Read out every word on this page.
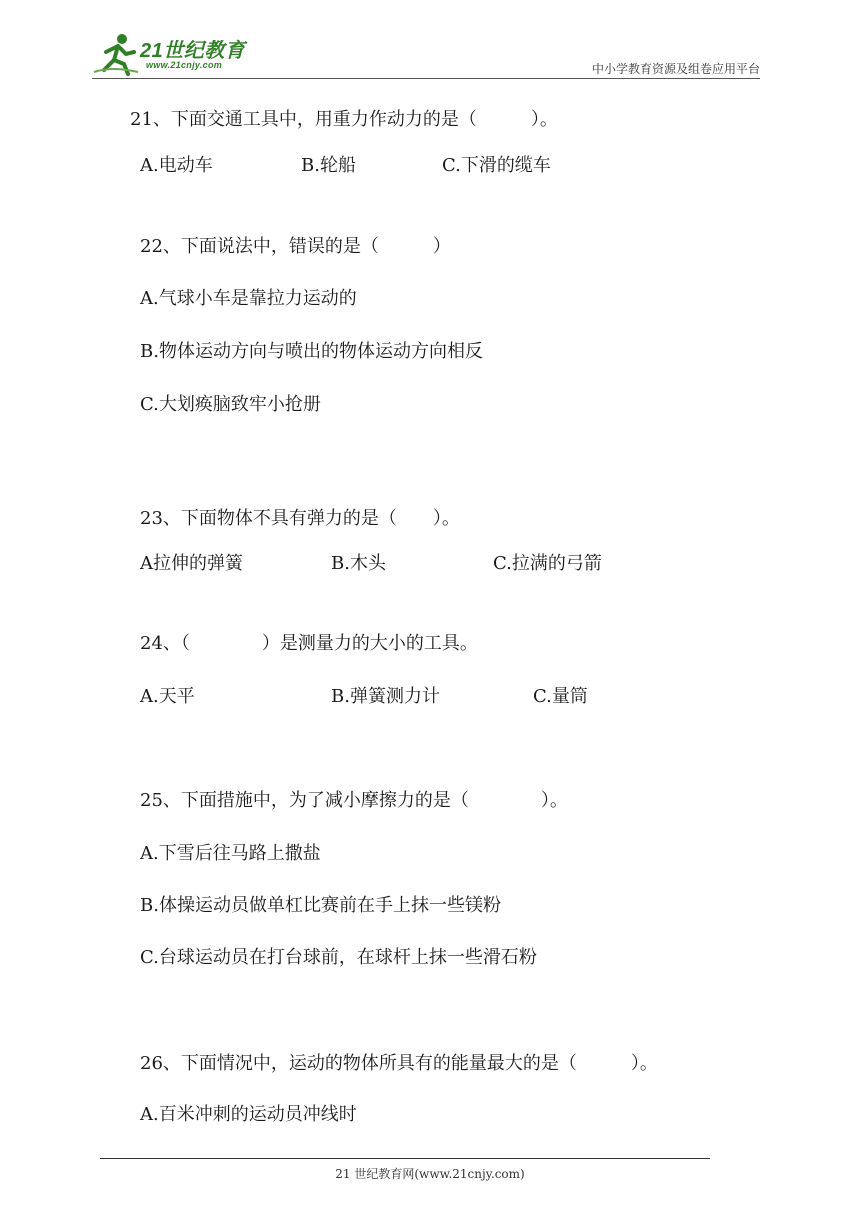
21世纪教育
www.21cnjy.com	中小学教育资源及组卷应用平台
21、下面交通工具中，用重力作动力的是（　　　）。
A.电动车	B.轮船	C.下滑的缆车
22、下面说法中，错误的是（　　　）
A.气球小车是靠拉力运动的
B.物体运动方向与喷出的物体运动方向相反
C.大划痪脑致牢小抢册
23、下面物体不具有弹力的是（　　）。
A拉伸的弹簧	B.木头	C.拉满的弓箭
24、（　　　　）是测量力的大小的工具。
A.天平	B.弹簧测力计	C.量筒
25、下面措施中，为了减小摩擦力的是（　　　　）。
A.下雪后往马路上撒盐
B.体操运动员做单杠比赛前在手上抹一些镁粉
C.台球运动员在打台球前，在球杆上抹一些滑石粉
26、下面情况中，运动的物体所具有的能量最大的是（　　　）。
A.百米冲刺的运动员冲线时
21 世纪教育网(www.21cnjy.com)
